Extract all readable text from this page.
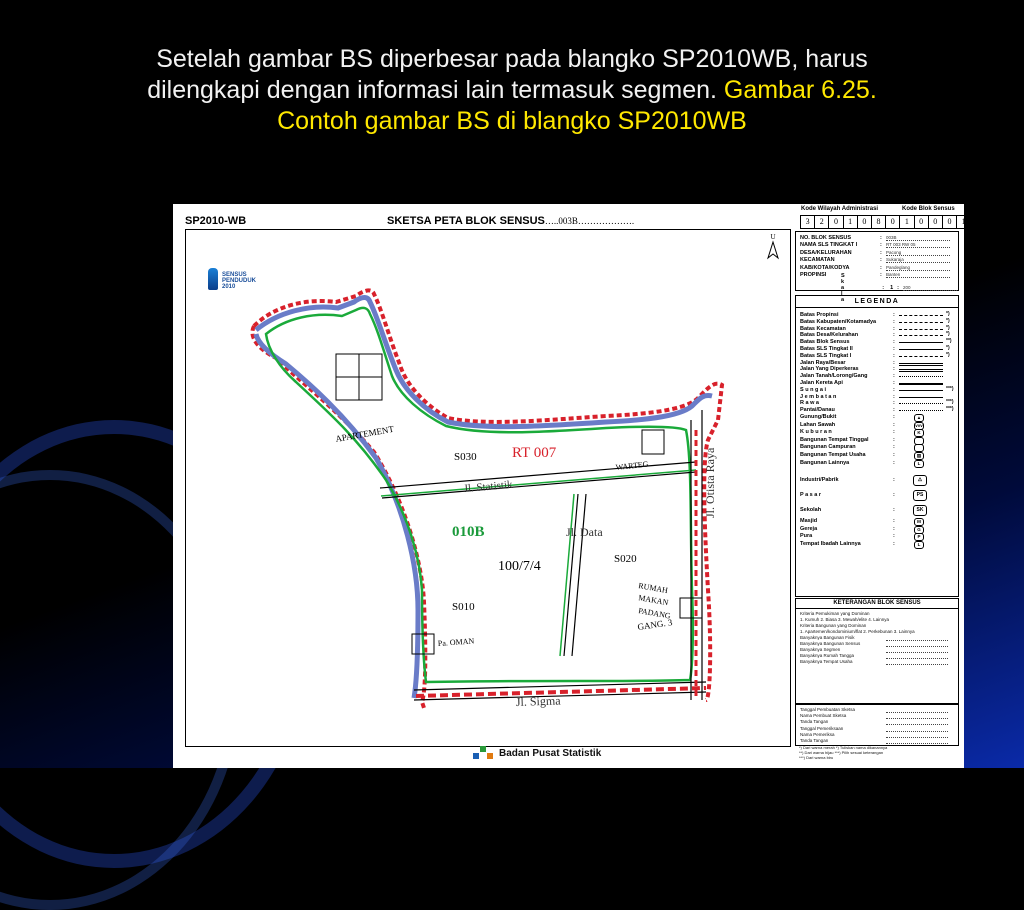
Setelah gambar BS diperbesar pada blangko SP2010WB, harus
dilengkapi dengan informasi lain termasuk segmen. Gambar 6.25.
Contoh gambar BS di blangko SP2010WB
SP2010-WB	SKETSA PETA BLOK SENSUS…..003B……………….
SENSUS PENDUDUK 2010
U
S030
S020
S010
RT 007
010B
100/7/4
Jl. Statistik
Jl. Data
Jl. Sigma
Jl. Otista Raya
APARTEMENT
WARTEG
RUMAH
MAKAN
PADANG
GANG. 3
Pa. OMAN
Kode Wilayah Administrasi	Kode Blok Sensus
3	2	0	1	0	8	0	1	0	0	0	1	0	B
NO. BLOK SENSUS	: 003B
NAMA SLS TINGKAT I	: RT 003 RW 05
DESA/KELURAHAN	: Pacong
KECAMATAN	: Sukaraja
KAB/KOTA/KODYA	: Pandeglang
PROPINSI	: Banten
S k a l a
: 1 : 200
LEGENDA
Batas Propinsi	:	*)
Batas Kabupaten/Kotamadya	:	*)
Batas Kecamatan	:	*)
Batas Desa/Kelurahan	:	*)
Batas Blok Sensus	:	**)
Batas SLS Tingkat II	:	*)
Batas SLS Tingkat I	:	*)
Jalan Raya/Besar	:
Jalan Yang Diperkeras	:
Jalan Tanah/Lorong/Gang	:
Jalan Kereta Api	:
S u n g a i	:	***)
J e m b a t a n	:
R a w a	:	***)
Pantai/Danau	:	***)
Gunung/Bukit	:	▲
Lahan Sawah	:	vvv
K u b u r a n	:	K
Bangunan Tempat Tinggal	:
Bangunan Campuran	:
Bangunan Tempat Usaha	:	▨
Bangunan Lainnya	:	L
Industri/Pabrik	:	⚠
P a s a r	:	PS
Sekolah	:	SK
Masjid	:	M
Gereja	:	G
Pura	:	P
Tempat Ibadah Lainnya	:	L
KETERANGAN BLOK SENSUS
Kriteria Pemukiman yang Dominan
1. Kumuh 2. Biasa 3. Mewah/elite 4. Lainnya
Kriteria Bangunan yang Dominan
1. Apartemen/kondominium/flat 2. Perkebunan 3. Lainnya
Banyaknya Bangunan Fisik
Banyaknya Bangunan Sensus
Banyaknya Segmen
Banyaknya Rumah Tangga
Banyaknya Tempat Usaha
Tanggal Pembuatan Sketsa
Nama Pembuat Sketsa
Tanda Tangan
Tanggal Pemeriksaan
Nama Pemeriksa
Tanda Tangan
*) Dari warna merah *) Tuliskan nama dikanannya
**) Dari warna hijau ***) Pilih sesuai keterangan
***) Dari warna biru
Badan Pusat Statistik
